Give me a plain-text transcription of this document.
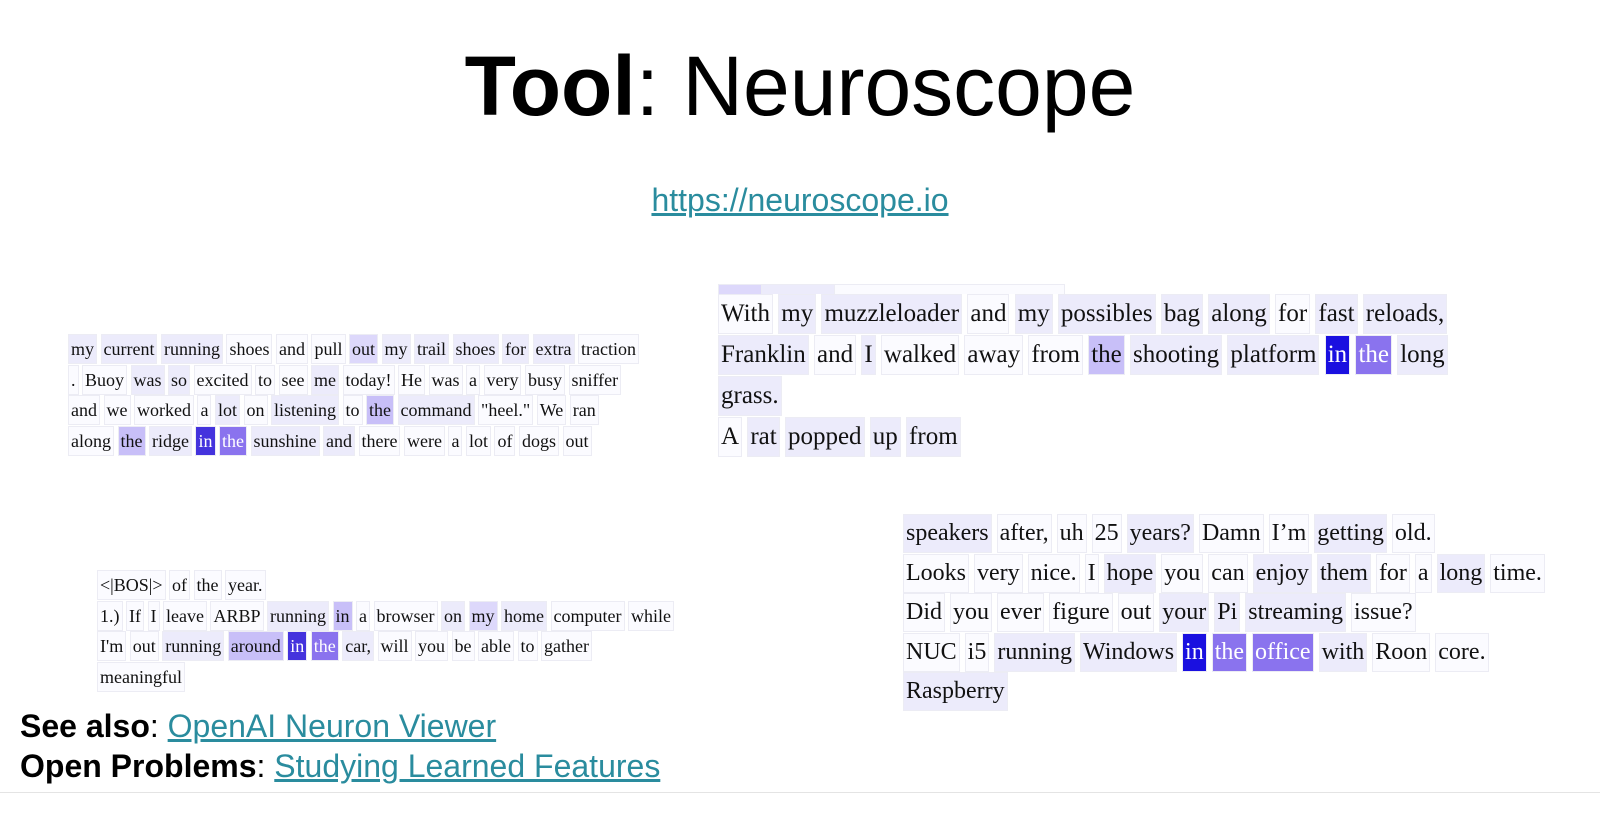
Tool: Neuroscope
https://neuroscope.io
my current running shoes and pull out my trail shoes for extra traction
. Buoy was so excited to see me today! He was a very busy sniffer
and we worked a lot on listening to the command "heel." We ran
along the ridge in the sunshine and there were a lot of dogs out

With my muzzleloader and my possibles bag along for fast reloads,
Franklin and I walked away from the shooting platform in the long
grass.
A rat popped up from
<|BOS|> of the year.
1.) If I leave ARBP running in a browser on my home computer while
I'm out running around in the car, will you be able to gather
meaningful
speakers after, uh 25 years? Damn I’m getting old.
Looks very nice. I hope you can enjoy them for a long time.
Did you ever figure out your Pi streaming issue?
NUC i5 running Windows in the office with Roon core.
Raspberry
See also: OpenAI Neuron Viewer
Open Problems: Studying Learned Features
